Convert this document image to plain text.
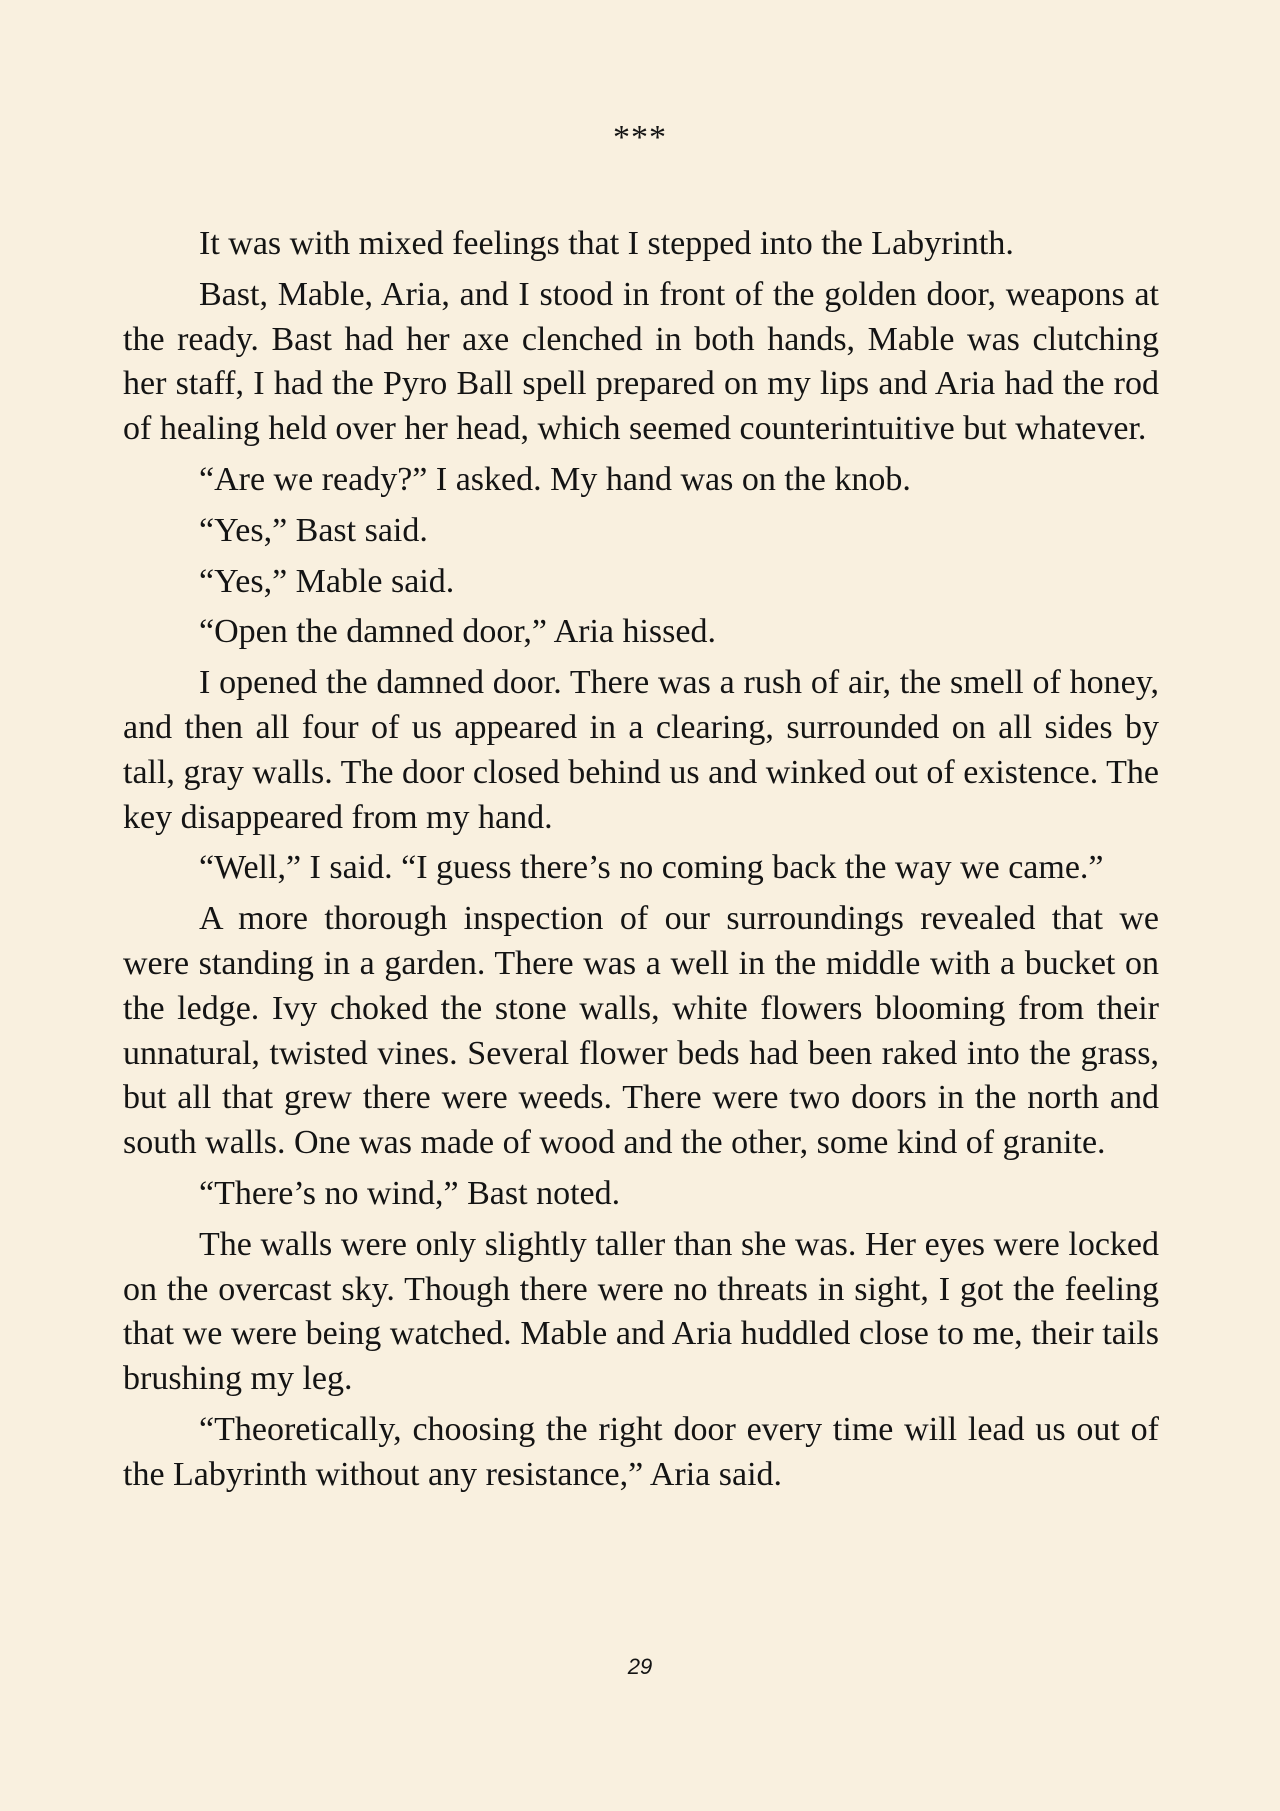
***

It was with mixed feelings that I stepped into the Labyrinth.

Bast, Mable, Aria, and I stood in front of the golden door, weapons at the ready. Bast had her axe clenched in both hands, Mable was clutching her staff, I had the Pyro Ball spell prepared on my lips and Aria had the rod of healing held over her head, which seemed counterintuitive but whatever.

“Are we ready?” I asked. My hand was on the knob.

“Yes,” Bast said.

“Yes,” Mable said.

“Open the damned door,” Aria hissed.

I opened the damned door. There was a rush of air, the smell of honey, and then all four of us appeared in a clearing, surrounded on all sides by tall, gray walls. The door closed behind us and winked out of existence. The key disappeared from my hand.

“Well,” I said. “I guess there’s no coming back the way we came.”

A more thorough inspection of our surroundings revealed that we were standing in a garden. There was a well in the middle with a bucket on the ledge. Ivy choked the stone walls, white flowers blooming from their unnatural, twisted vines. Several flower beds had been raked into the grass, but all that grew there were weeds. There were two doors in the north and south walls. One was made of wood and the other, some kind of granite.

“There’s no wind,” Bast noted.

The walls were only slightly taller than she was. Her eyes were locked on the overcast sky. Though there were no threats in sight, I got the feeling that we were being watched. Mable and Aria huddled close to me, their tails brushing my leg.

“Theoretically, choosing the right door every time will lead us out of the Labyrinth without any resistance,” Aria said.

29
